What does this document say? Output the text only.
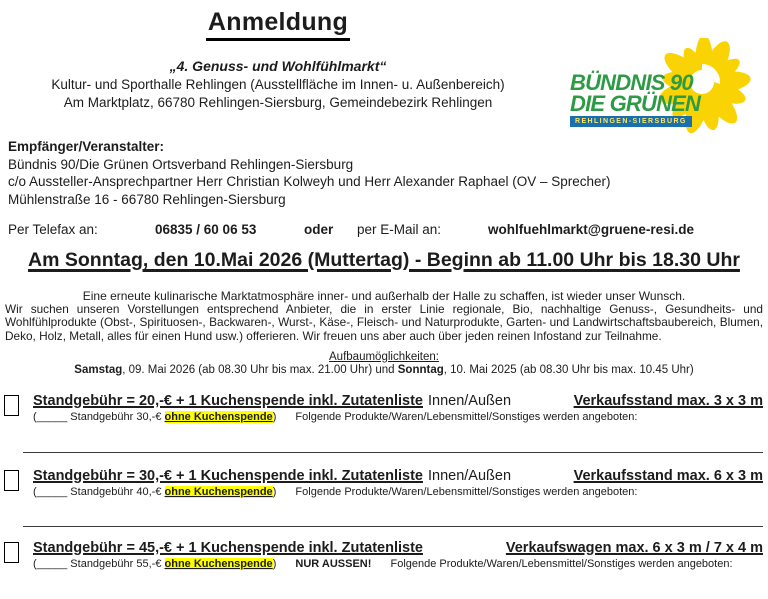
Anmeldung
„4. Genuss- und Wohlfühlmarkt“
Kultur- und Sporthalle Rehlingen (Ausstellfläche im Innen- u. Außenbereich)
Am Marktplatz, 66780 Rehlingen-Siersburg, Gemeindebezirk Rehlingen
BÜNDNIS 90
DIE GRÜNEN
REHLINGEN-SIERSBURG
Empfänger/Veranstalter:
Bündnis 90/Die Grünen Ortsverband Rehlingen-Siersburg
c/o Aussteller-Ansprechpartner Herr Christian Kolweyh und Herr Alexander Raphael (OV – Sprecher)
Mühlenstraße 16 - 66780 Rehlingen-Siersburg
Per Telefax an:	06835 / 60 06 53	oder per E-Mail an:	wohlfuehlmarkt@gruene-resi.de
Am Sonntag, den 10.Mai 2026 (Muttertag) - Beginn ab 11.00 Uhr bis 18.30 Uhr
Eine erneute kulinarische Marktatmosphäre inner- und außerhalb der Halle zu schaffen, ist wieder unser Wunsch.
Wir suchen unseren Vorstellungen entsprechend Anbieter, die in erster Linie regionale, Bio, nachhaltige Genuss-, Gesundheits- und Wohlfühlprodukte (Obst-, Spirituosen-, Backwaren-, Wurst-, Käse-, Fleisch- und Naturprodukte, Garten- und Landwirtschaftsbaubereich, Blumen, Deko, Holz, Metall, alles für einen Hund usw.) offerieren. Wir freuen uns aber auch über jeden reinen Infostand zur Teilnahme.
Aufbaumöglichkeiten:
Samstag, 09. Mai 2026 (ab 08.30 Uhr bis max. 21.00 Uhr) und Sonntag, 10. Mai 2025 (ab 08.30 Uhr bis max. 10.45 Uhr)
Standgebühr = 20,-€ + 1 Kuchenspende inkl. Zutatenliste Innen/Außen	Verkaufsstand max. 3 x 3 m
(_____ Standgebühr 30,-€ ohne Kuchenspende) Folgende Produkte/Waren/Lebensmittel/Sonstiges werden angeboten:
Standgebühr = 30,-€ + 1 Kuchenspende inkl. Zutatenliste Innen/Außen	Verkaufsstand max. 6 x 3 m
(_____ Standgebühr 40,-€ ohne Kuchenspende) Folgende Produkte/Waren/Lebensmittel/Sonstiges werden angeboten:
Standgebühr = 45,-€ + 1 Kuchenspende inkl. Zutatenliste	Verkaufswagen max. 6 x 3 m / 7 x 4 m
(_____ Standgebühr 55,-€ ohne Kuchenspende) NUR AUSSEN! Folgende Produkte/Waren/Lebensmittel/Sonstiges werden angeboten:
